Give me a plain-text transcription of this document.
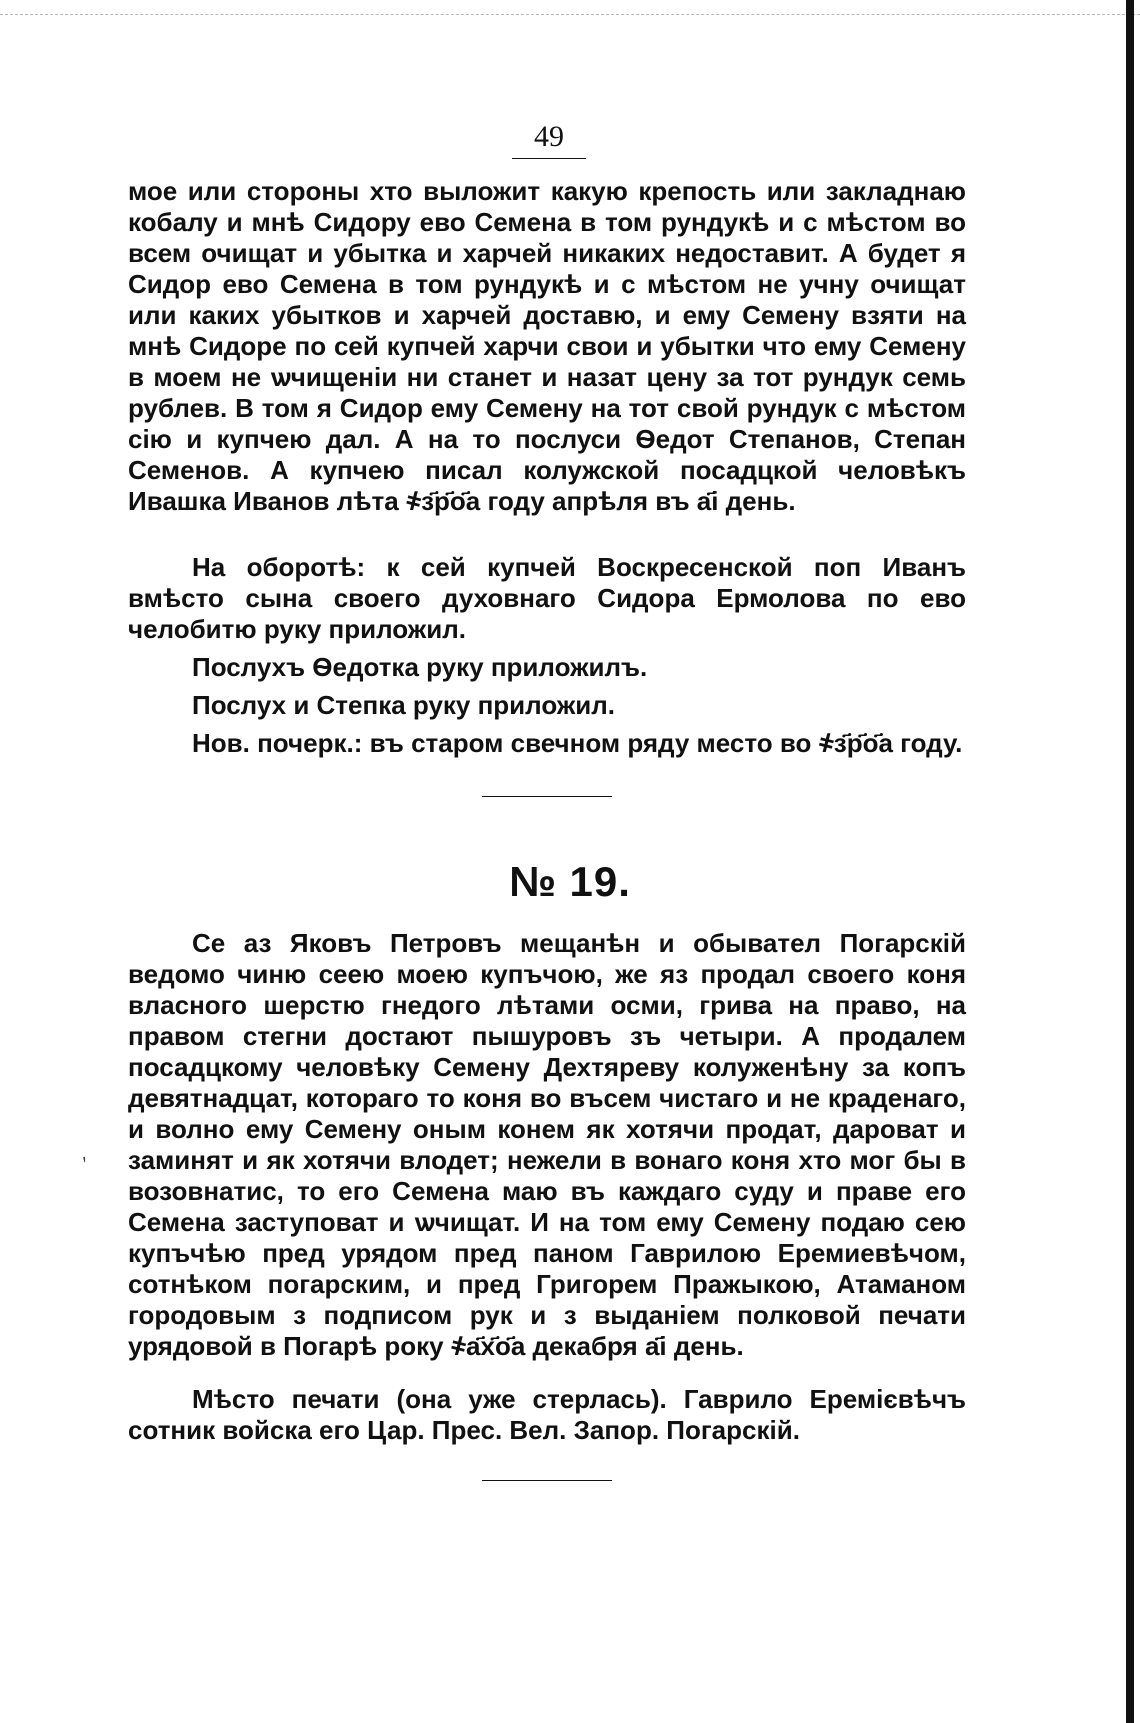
49

мое или стороны хто выложит какую крепость или закладнаю кобалу и мнѣ Сидору ево Семена в том рундукѣ и с мѣстом во всем очищат и убытка и харчей никаких недоставит. А будет я Сидор ево Семена в том рундукѣ и с мѣстом не учну очищат или каких убытков и харчей доставю, и ему Семену взяти на мнѣ Сидоре по сей купчей харчи свои и убытки что ему Семену в моем не ѡчищеніи ни станет и назат цену за тот рундук семь рублев. В том я Сидор ему Семену на тот свой рундук с мѣстом сію и купчею дал. А на то послуси Ѳедот Степанов, Степан Семенов. А купчею писал колужской посадцкой человѣкъ Ивашка Иванов лѣта ҂з҃р҃о҃а году апрѣля въ а҃і день.

На оборотѣ: к сей купчей Воскресенской поп Иванъ вмѣсто сына своего духовнаго Сидора Ермолова по ево челобитю руку приложил.

Послухъ Ѳедотка руку приложилъ.
Послух и Степка руку приложил.
Нов. почерк.: въ старом свечном ряду место во ҂з҃р҃о҃а году.
№ 19.

Се аз Яковъ Петровъ мещанѣн и обывател Погарскій ведомо чиню сеею моею купъчою, же яз продал своего коня власного шерстю гнедого лѣтами осми, грива на право, на правом стегни достают пышуровъ зъ четыри. А продалем посадцкому человѣку Семену Дехтяреву колуженѣну за копъ девятнадцат, котораго то коня во въсем чистаго и не краденаго, и волно ему Семену оным конем як хотячи продат, дароват и заминят и як хотячи влодет; нежели в вонаго коня хто мог бы в возовнатис, то его Семена маю въ каждаго суду и праве его Семена заступоват и ѡчищат. И на том ему Семену подаю сею купъчѣю пред урядом пред паном Гаврилою Еремиевѣчом, сотнѣком погарским, и пред Григорем Пражыкою, Атаманом городовым з подписом рук и з выданіем полковой печати урядовой в Погарѣ року ҂а҃х҃о҃а декабря а҃і день.

Мѣсто печати (она уже стерлась). Гаврило Еремієвѣчъ сотник войска его Цар. Прес. Вел. Запор. Погарскій.

ʹ
